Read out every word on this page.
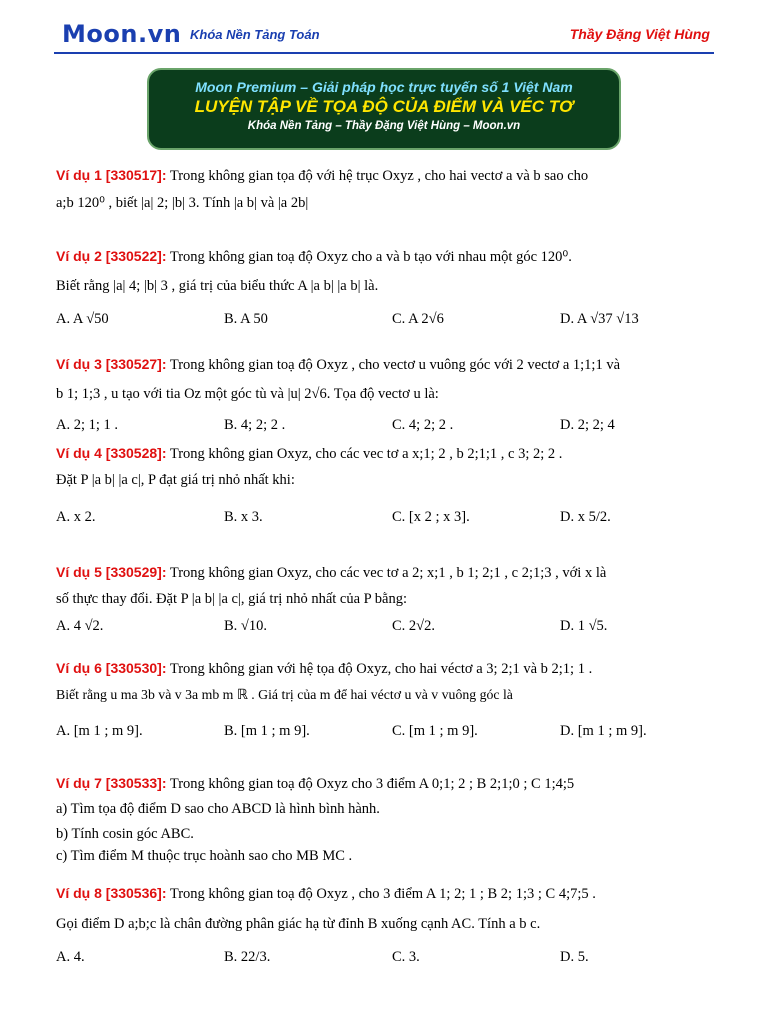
Moon.vn Khóa Nền Tảng Toán	Thầy Đặng Việt Hùng
Moon Premium – Giải pháp học trực tuyến số 1 Việt Nam
LUYỆN TẬP VỀ TỌA ĐỘ CỦA ĐIỂM VÀ VÉC TƠ
Khóa Nền Tảng – Thầy Đặng Việt Hùng – Moon.vn
Ví dụ 1 [330517]: Trong không gian tọa độ với hệ trục Oxyz , cho hai vectơ a và b sao cho
a;b 120⁰ , biết |a| 2; |b| 3. Tính |a b| và |a 2b|
Ví dụ 2 [330522]: Trong không gian toạ độ Oxyz cho a và b tạo với nhau một góc 120⁰.
Biết rằng |a| 4; |b| 3 , giá trị của biểu thức A |a b| |a b| là.
A. A √50	B. A 50	C. A 2√6	D. A √37 √13
Ví dụ 3 [330527]: Trong không gian toạ độ Oxyz , cho vectơ u vuông góc với 2 vectơ a 1;1;1 và
b 1; 1;3 , u tạo với tia Oz một góc tù và |u| 2√6. Tọa độ vectơ u là:
A. 2; 1; 1 .	B. 4; 2; 2 .	C. 4; 2; 2 .	D. 2; 2; 4
Ví dụ 4 [330528]: Trong không gian Oxyz, cho các vec tơ a x;1; 2 , b 2;1;1 , c 3; 2; 2 .
Đặt P |a b| |a c|, P đạt giá trị nhỏ nhất khi:
A. x 2.	B. x 3.	C. [x 2 ; x 3].	D. x 5/2.
Ví dụ 5 [330529]: Trong không gian Oxyz, cho các vec tơ a 2; x;1 , b 1; 2;1 , c 2;1;3 , với x là
số thực thay đổi. Đặt P |a b| |a c|, giá trị nhỏ nhất của P bằng:
A. 4 √2.	B. √10.	C. 2√2.	D. 1 √5.
Ví dụ 6 [330530]: Trong không gian với hệ tọa độ Oxyz, cho hai véctơ a 3; 2;1 và b 2;1; 1 .
Biết rằng u ma 3b và v 3a mb m ℝ . Giá trị của m để hai véctơ u và v vuông góc là
A. [m 1 ; m 9].	B. [m 1 ; m 9].	C. [m 1 ; m 9].	D. [m 1 ; m 9].
Ví dụ 7 [330533]: Trong không gian toạ độ Oxyz cho 3 điểm A 0;1; 2 ; B 2;1;0 ; C 1;4;5
a) Tìm tọa độ điểm D sao cho ABCD là hình bình hành.
b) Tính cosin góc ABC.
c) Tìm điểm M thuộc trục hoành sao cho MB MC .
Ví dụ 8 [330536]: Trong không gian toạ độ Oxyz , cho 3 điểm A 1; 2; 1 ; B 2; 1;3 ; C 4;7;5 .
Gọi điểm D a;b;c là chân đường phân giác hạ từ đỉnh B xuống cạnh AC. Tính a b c.
A. 4.	B. 22/3.	C. 3.	D. 5.
